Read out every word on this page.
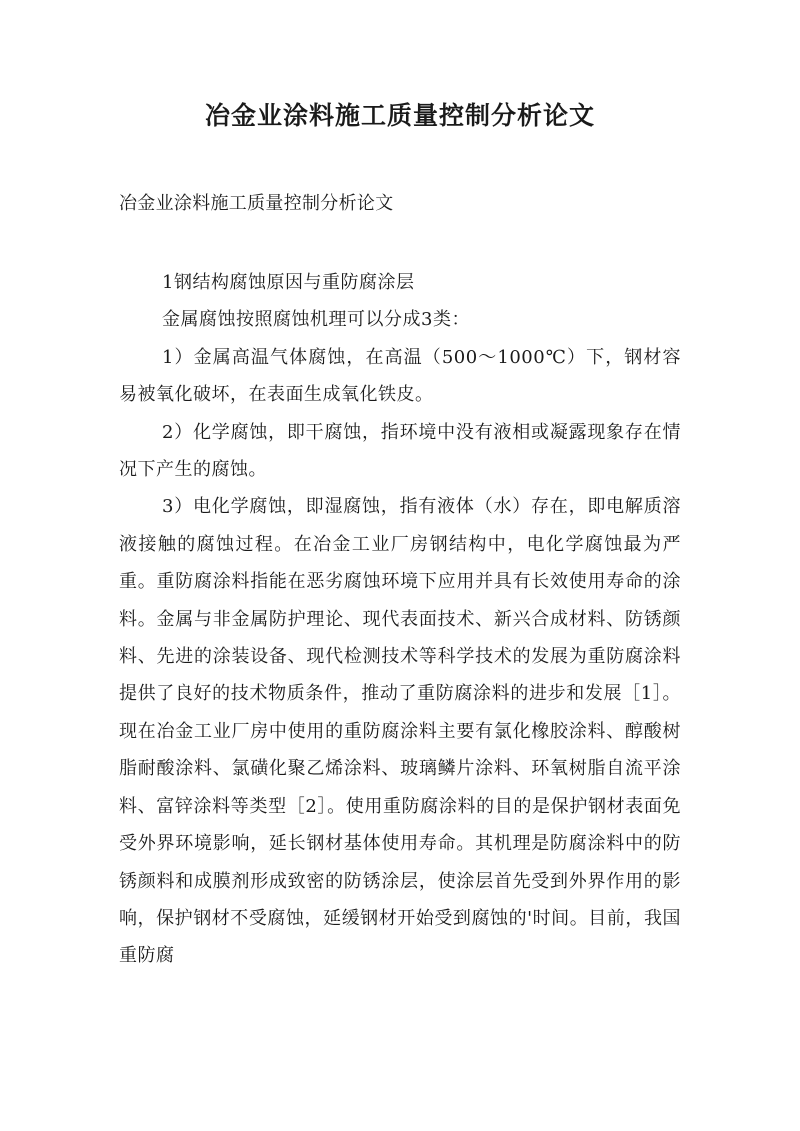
冶金业涂料施工质量控制分析论文

冶金业涂料施工质量控制分析论文

1钢结构腐蚀原因与重防腐涂层

金属腐蚀按照腐蚀机理可以分成3类：

1）金属高温气体腐蚀，在高温（500～1000℃）下，钢材容易被氧化破坏，在表面生成氧化铁皮。

2）化学腐蚀，即干腐蚀，指环境中没有液相或凝露现象存在情况下产生的腐蚀。

3）电化学腐蚀，即湿腐蚀，指有液体（水）存在，即电解质溶液接触的腐蚀过程。在冶金工业厂房钢结构中，电化学腐蚀最为严重。重防腐涂料指能在恶劣腐蚀环境下应用并具有长效使用寿命的涂料。金属与非金属防护理论、现代表面技术、新兴合成材料、防锈颜料、先进的涂装设备、现代检测技术等科学技术的发展为重防腐涂料提供了良好的技术物质条件，推动了重防腐涂料的进步和发展［1］。现在冶金工业厂房中使用的重防腐涂料主要有氯化橡胶涂料、醇酸树脂耐酸涂料、氯磺化聚乙烯涂料、玻璃鳞片涂料、环氧树脂自流平涂料、富锌涂料等类型［2］。使用重防腐涂料的目的是保护钢材表面免受外界环境影响，延长钢材基体使用寿命。其机理是防腐涂料中的防锈颜料和成膜剂形成致密的防锈涂层，使涂层首先受到外界作用的影响，保护钢材不受腐蚀，延缓钢材开始受到腐蚀的'时间。目前，我国重防腐
